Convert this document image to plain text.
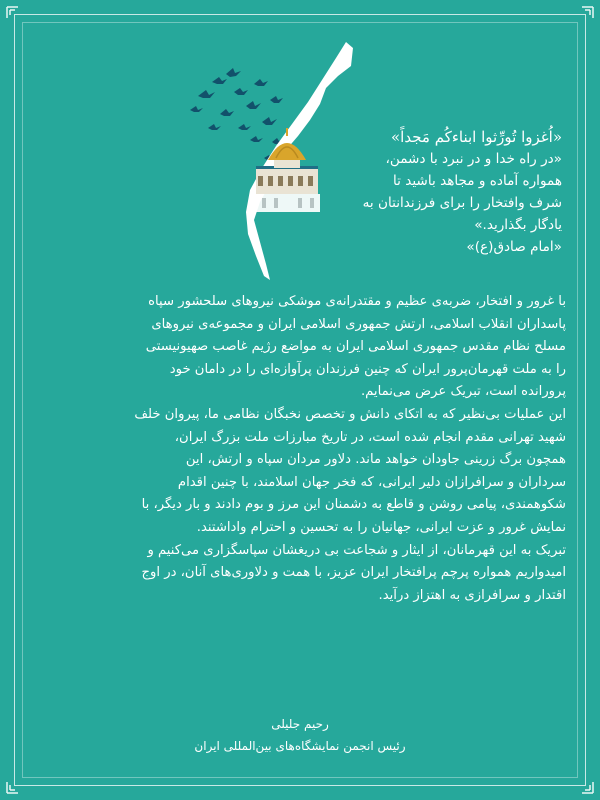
«اُغزوا تُورِّثوا ابناءکُم مَجداً»
«در راه خدا و در نبرد با دشمن،
همواره آماده و مجاهد باشید تا
شرف وافتخار را برای فرزندانتان به
یادگار بگذارید.»
«امام صادق(ع)»
با غرور و افتخار، ضربه‌ی عظیم و مقتدرانه‌ی موشکی نیروهای سلحشور سپاه
پاسداران انقلاب اسلامی، ارتش جمهوری اسلامی ایران و مجموعه‌ی نیروهای
مسلح نظام مقدس جمهوری اسلامی ایران به مواضع رژیم غاصب صهیونیستی
را به ملت قهرمان‌پرور ایران که چنین فرزندان پرآوازه‌ای را در دامان خود
پرورانده است، تبریک عرض می‌نمایم.
این عملیات بی‌نظیر که به اتکای دانش و تخصص نخبگان نظامی ما، پیروان خلف
شهید تهرانی مقدم انجام شده است، در تاریخ مبارزات ملت بزرگ ایران،
همچون برگ زرینی جاودان خواهد ماند. دلاور مردان سپاه و ارتش، این
سرداران و سرافرازان دلیر ایرانی، که فخر جهان اسلامند، با چنین اقدام
شکوهمندی، پیامی روشن و قاطع به دشمنان این مرز و بوم دادند و بار دیگر، با
نمایش غرور و عزت ایرانی، جهانیان را به تحسین و احترام واداشتند.
تبریک به این قهرمانان، از ایثار و شجاعت بی دریغشان سپاسگزاری می‌کنیم و
امیدواریم همواره پرچم پرافتخار ایران عزیز، با همت و دلاوری‌های آنان، در اوج
اقتدار و سرافرازی به اهتزاز درآید.
رحیم جلیلی
رئیس انجمن نمایشگاه‌های بین‌المللی ایران
